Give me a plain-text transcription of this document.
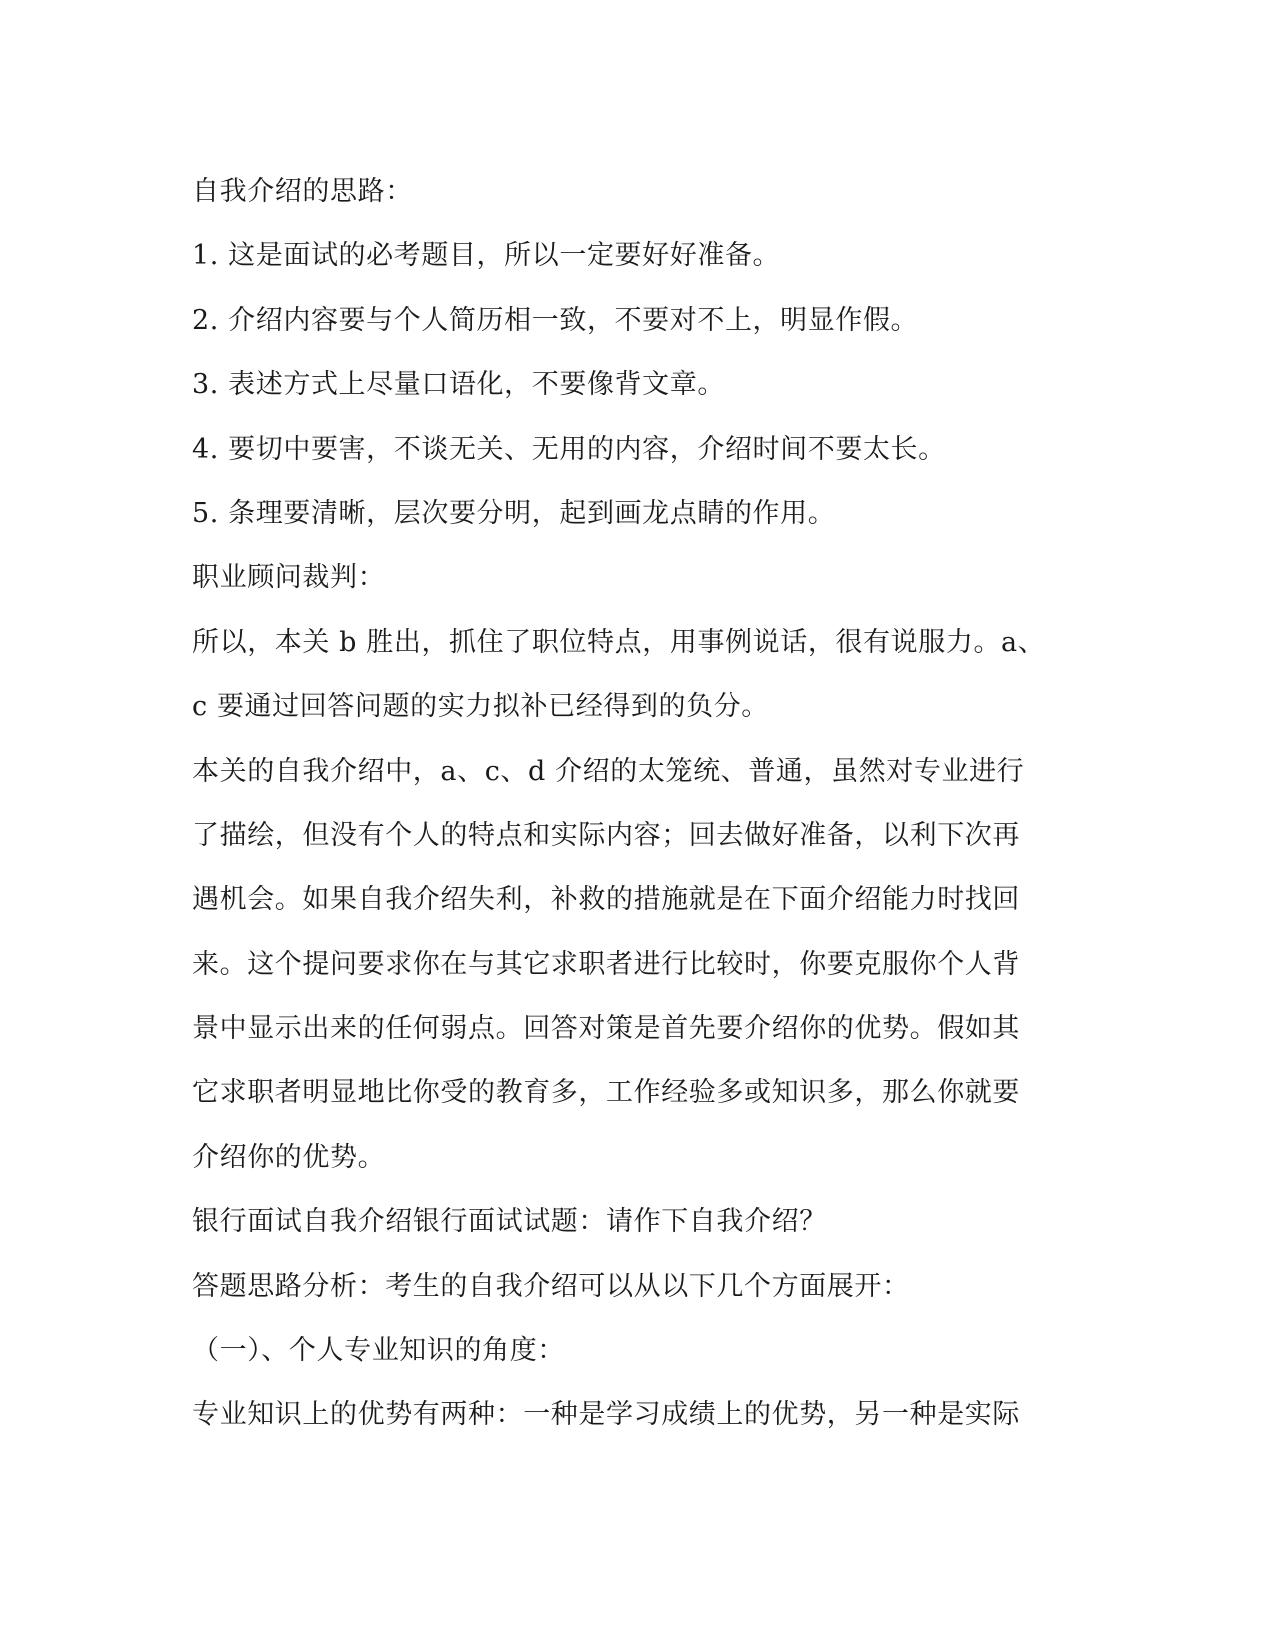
自我介绍的思路：
1. 这是面试的必考题目，所以一定要好好准备。
2. 介绍内容要与个人简历相一致，不要对不上，明显作假。
3. 表述方式上尽量口语化，不要像背文章。
4. 要切中要害，不谈无关、无用的内容，介绍时间不要太长。
5. 条理要清晰，层次要分明，起到画龙点睛的作用。
职业顾问裁判：
所以，本关 b 胜出，抓住了职位特点，用事例说话，很有说服力。a、
c 要通过回答问题的实力拟补已经得到的负分。
本关的自我介绍中，a、c、d 介绍的太笼统、普通，虽然对专业进行
了描绘，但没有个人的特点和实际内容；回去做好准备，以利下次再
遇机会。如果自我介绍失利，补救的措施就是在下面介绍能力时找回
来。这个提问要求你在与其它求职者进行比较时，你要克服你个人背
景中显示出来的任何弱点。回答对策是首先要介绍你的优势。假如其
它求职者明显地比你受的教育多，工作经验多或知识多，那么你就要
介绍你的优势。
银行面试自我介绍银行面试试题：请作下自我介绍？
答题思路分析：考生的自我介绍可以从以下几个方面展开：
（一）、个人专业知识的角度：
专业知识上的优势有两种：一种是学习成绩上的优势，另一种是实际
